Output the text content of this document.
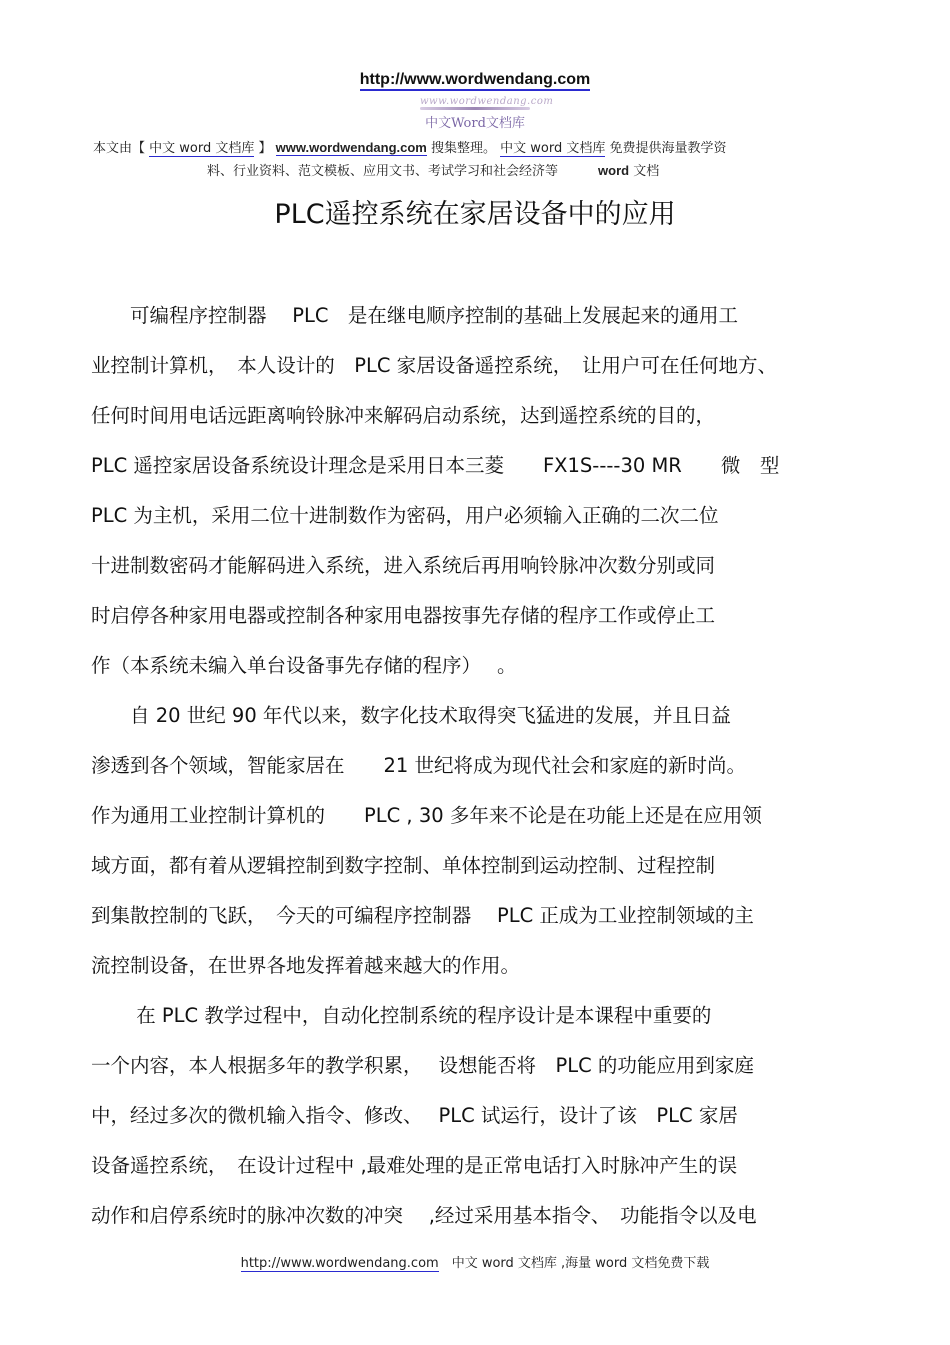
http://www.wordwendang.com
www.wordwendang.com
中文Word文档库
本文由【 中文 word 文档库 】 www.wordwendang.com 搜集整理。 中文 word 文档库 免费提供海量教学资
料、行业资料、范文模板、应用文书、考试学习和社会经济等	word 文档
PLC遥控系统在家居设备中的应用
　　可编程序控制器　 PLC　是在继电顺序控制的基础上发展起来的通用工
业控制计算机，　本人设计的　PLC 家居设备遥控系统，　让用户可在任何地方、
任何时间用电话远距离响铃脉冲来解码启动系统，达到遥控系统的目的，
PLC 遥控家居设备系统设计理念是采用日本三菱　　FX1S----30 MR　　微　型
PLC 为主机，采用二位十进制数作为密码，用户必须输入正确的二次二位
十进制数密码才能解码进入系统，进入系统后再用响铃脉冲次数分别或同
时启停各种家用电器或控制各种家用电器按事先存储的程序工作或停止工
作（本系统未编入单台设备事先存储的程序）　 。
　　自 20 世纪 90 年代以来，数字化技术取得突飞猛进的发展，并且日益
渗透到各个领域，智能家居在　　21 世纪将成为现代社会和家庭的新时尚。
作为通用工业控制计算机的　　PLC , 30 多年来不论是在功能上还是在应用领
域方面，都有着从逻辑控制到数字控制、单体控制到运动控制、过程控制
到集散控制的飞跃，　今天的可编程序控制器　 PLC 正成为工业控制领域的主
流控制设备，在世界各地发挥着越来越大的作用。
　　 在 PLC 教学过程中，自动化控制系统的程序设计是本课程中重要的
一个内容，本人根据多年的教学积累，　 设想能否将　PLC 的功能应用到家庭
中，经过多次的微机输入指令、修改、　 PLC 试运行，设计了该　PLC 家居
设备遥控系统，　在设计过程中 ,最难处理的是正常电话打入时脉冲产生的误
动作和启停系统时的脉冲次数的冲突　 ,经过采用基本指令、　功能指令以及电
http://www.wordwendang.com　中文 word 文档库 ,海量 word 文档免费下载
